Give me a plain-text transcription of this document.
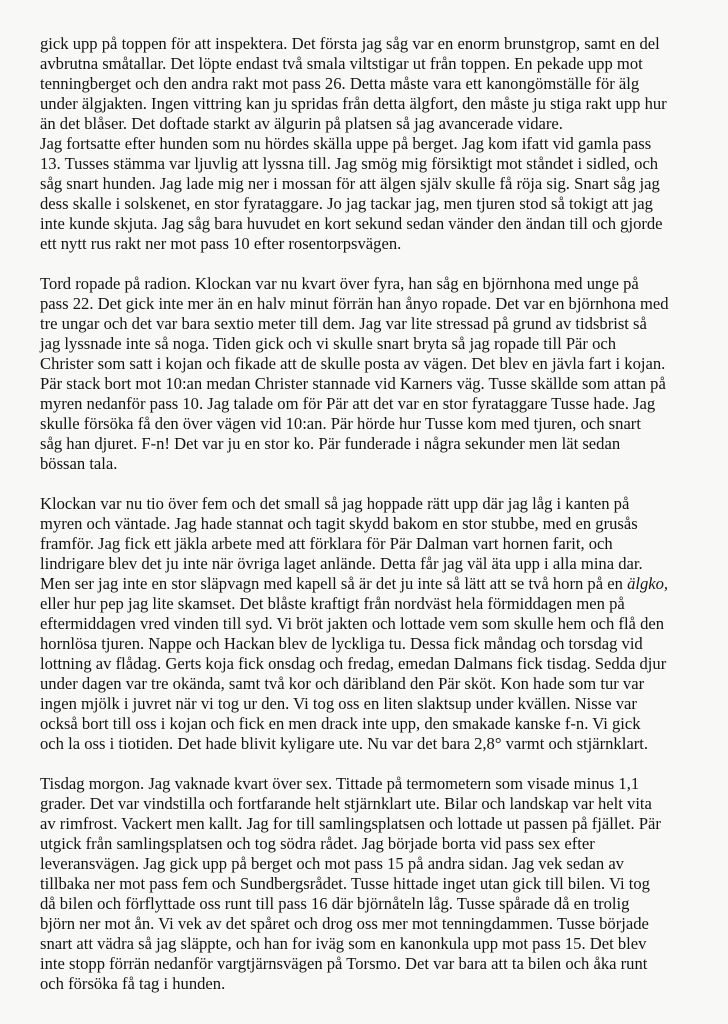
gick upp på toppen för att inspektera. Det första jag såg var en enorm brunstgrop, samt en del
avbrutna småtallar. Det löpte endast två smala viltstigar ut från toppen. En pekade upp mot
tenningberget och den andra rakt mot pass 26. Detta måste vara ett kanongömställe för älg
under älgjakten. Ingen vittring kan ju spridas från detta älgfort, den måste ju stiga rakt upp hur
än det blåser. Det doftade starkt av älgurin på platsen så jag avancerade vidare.
Jag fortsatte efter hunden som nu hördes skälla uppe på berget. Jag kom ifatt vid gamla pass
13. Tusses stämma var ljuvlig att lyssna till. Jag smög mig försiktigt mot ståndet i sidled, och
såg snart hunden. Jag lade mig ner i mossan för att älgen själv skulle få röja sig. Snart såg jag
dess skalle i solskenet, en stor fyrataggare. Jo jag tackar jag, men tjuren stod så tokigt att jag
inte kunde skjuta. Jag såg bara huvudet en kort sekund sedan vänder den ändan till och gjorde
ett nytt rus rakt ner mot pass 10 efter rosentorpsvägen.
Tord ropade på radion. Klockan var nu kvart över fyra, han såg en björnhona med unge på
pass 22. Det gick inte mer än en halv minut förrän han ånyo ropade. Det var en björnhona med
tre ungar och det var bara sextio meter till dem. Jag var lite stressad på grund av tidsbrist så
jag lyssnade inte så noga. Tiden gick och vi skulle snart bryta så jag ropade till Pär och
Christer som satt i kojan och fikade att de skulle posta av vägen. Det blev en jävla fart i kojan.
Pär stack bort mot 10:an medan Christer stannade vid Karners väg. Tusse skällde som attan på
myren nedanför pass 10. Jag talade om för Pär att det var en stor fyrataggare Tusse hade. Jag
skulle försöka få den över vägen vid 10:an. Pär hörde hur Tusse kom med tjuren, och snart
såg han djuret. F-n! Det var ju en stor ko. Pär funderade i några sekunder men lät sedan
bössan tala.
Klockan var nu tio över fem och det small så jag hoppade rätt upp där jag låg i kanten på
myren och väntade. Jag hade stannat och tagit skydd bakom en stor stubbe, med en grusås
framför. Jag fick ett jäkla arbete med att förklara för Pär Dalman vart hornen farit, och
lindrigare blev det ju inte när övriga laget anlände. Detta får jag väl äta upp i alla mina dar.
Men ser jag inte en stor släpvagn med kapell så är det ju inte så lätt att se två horn på en älgko,
eller hur pep jag lite skamset. Det blåste kraftigt från nordväst hela förmiddagen men på
eftermiddagen vred vinden till syd. Vi bröt jakten och lottade vem som skulle hem och flå den
hornlösa tjuren. Nappe och Hackan blev de lyckliga tu. Dessa fick måndag och torsdag vid
lottning av flådag. Gerts koja fick onsdag och fredag, emedan Dalmans fick tisdag. Sedda djur
under dagen var tre okända, samt två kor och däribland den Pär sköt. Kon hade som tur var
ingen mjölk i juvret när vi tog ur den. Vi tog oss en liten slaktsup under kvällen. Nisse var
också bort till oss i kojan och fick en men drack inte upp, den smakade kanske f-n. Vi gick
och la oss i tiotiden. Det hade blivit kyligare ute. Nu var det bara 2,8° varmt och stjärnklart.
Tisdag morgon. Jag vaknade kvart över sex. Tittade på termometern som visade minus 1,1
grader. Det var vindstilla och fortfarande helt stjärnklart ute. Bilar och landskap var helt vita
av rimfrost. Vackert men kallt. Jag for till samlingsplatsen och lottade ut passen på fjället. Pär
utgick från samlingsplatsen och tog södra rådet. Jag började borta vid pass sex efter
leveransvägen. Jag gick upp på berget och mot pass 15 på andra sidan. Jag vek sedan av
tillbaka ner mot pass fem och Sundbergsrådet. Tusse hittade inget utan gick till bilen. Vi tog
då bilen och förflyttade oss runt till pass 16 där björnåteln låg. Tusse spårade då en trolig
björn ner mot ån. Vi vek av det spåret och drog oss mer mot tenningdammen. Tusse började
snart att vädra så jag släppte, och han for iväg som en kanonkula upp mot pass 15. Det blev
inte stopp förrän nedanför vargtjärnsvägen på Torsmo. Det var bara att ta bilen och åka runt
och försöka få tag i hunden.
